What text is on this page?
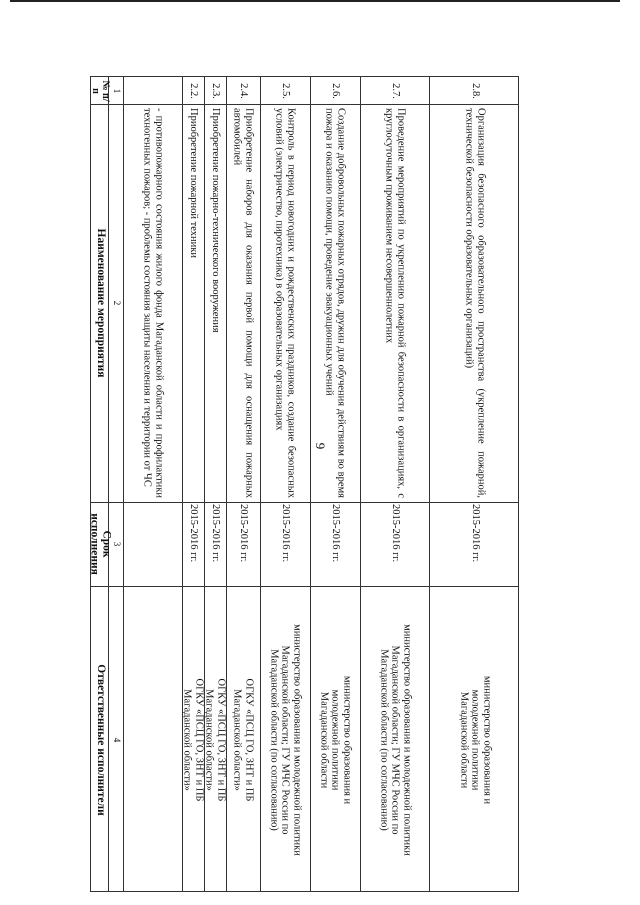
9
№ п/п
Наименование мероприятия
Срок исполнения
Ответственные исполнители
1
2
3
4
- противопожарного состояния жилого фонда Магаданской области и профилактики техногенных пожаров; - проблемы состояния защиты населения и территории от ЧС
2.2.
Приобретение пожарной техники
2015-2016 гг.
ОГКУ «ПСЦ ГО, ЗНТ и ПБ Магаданской области»
2.3.
Приобретение пожарно-технического вооружения
2015-2016 гг.
ОГКУ «ПСЦ ГО, ЗНТ и ПБ Магаданской области»
2.4.
Приобретение наборов для оказания первой помощи для оснащения пожарных автомобилей
2015-2016 гг.
ОГКУ «ПСЦ ГО, ЗНТ и ПБ Магаданской области»
2.5.
Контроль в период новогодних и рождественских праздников, создание безопасных условий (электричество, пиротехника) в образовательных организациях
2015-2016 гг.
министерство образования и молодежной политики Магаданской области; ГУ МЧС России по Магаданской области (по согласованию)
2.6.
Создание добровольных пожарных отрядов, дружин для обучения действиям во время пожара и оказанию помощи, проведение эвакуационных учений
2015-2016 гг.
министерство образования и молодежной политики Магаданской области
2.7.
Проведение мероприятий по укреплению пожарной безопасности в организациях, с круглосуточным проживанием несовершеннолетних
2015-2016 гг.
министерство образования и молодежной политики Магаданской области; ГУ МЧС России по Магаданской области (по согласованию)
2.8.
Организация безопасного образовательного пространства (укрепление пожарной, технической безопасности образовательных организаций)
2015-2016 гг.
министерство образования и молодежной политики Магаданской области
